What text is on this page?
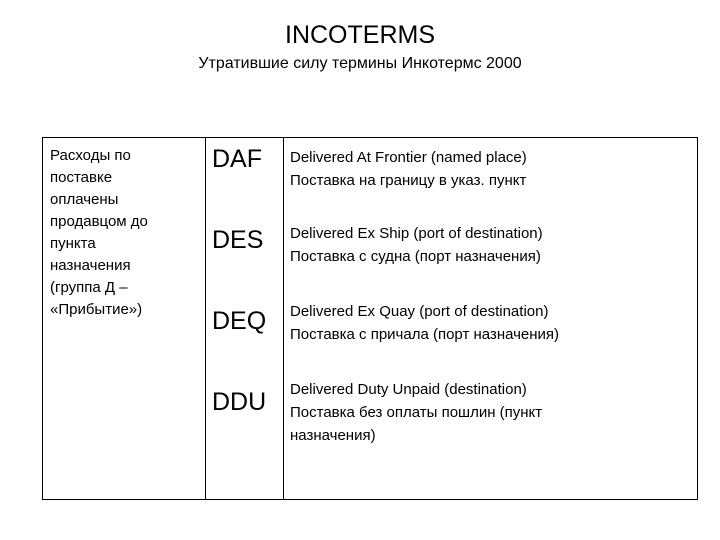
INCOTERMS
Утратившие силу термины Инкотермс 2000
Расходы по
поставке
оплачены
продавцом до
пункта
назначения
(группа Д –
«Прибытие»)
DAF Delivered At Frontier (named place)
Поставка на границу в указ. пункт
DES Delivered Ex Ship (port of destination)
Поставка с судна (порт назначения)
DEQ Delivered Ex Quay (port of destination)
Поставка с причала (порт назначения)
DDU Delivered Duty Unpaid (destination)
Поставка без оплаты пошлин (пункт
назначения)
